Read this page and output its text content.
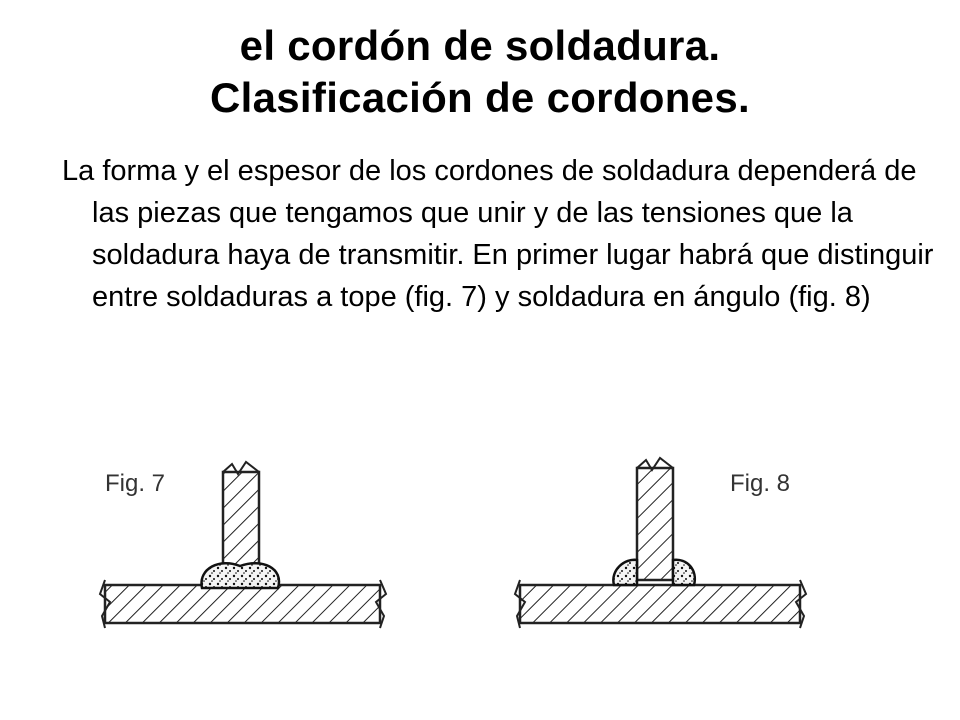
el cordón de soldadura.
Clasificación de cordones.
La forma y el espesor de los cordones de soldadura dependerá de las piezas que tengamos que unir y de las tensiones que la soldadura haya de transmitir. En primer lugar habrá que distinguir entre soldaduras a tope (fig. 7) y soldadura en ángulo (fig. 8)
Fig. 7	Fig. 8
